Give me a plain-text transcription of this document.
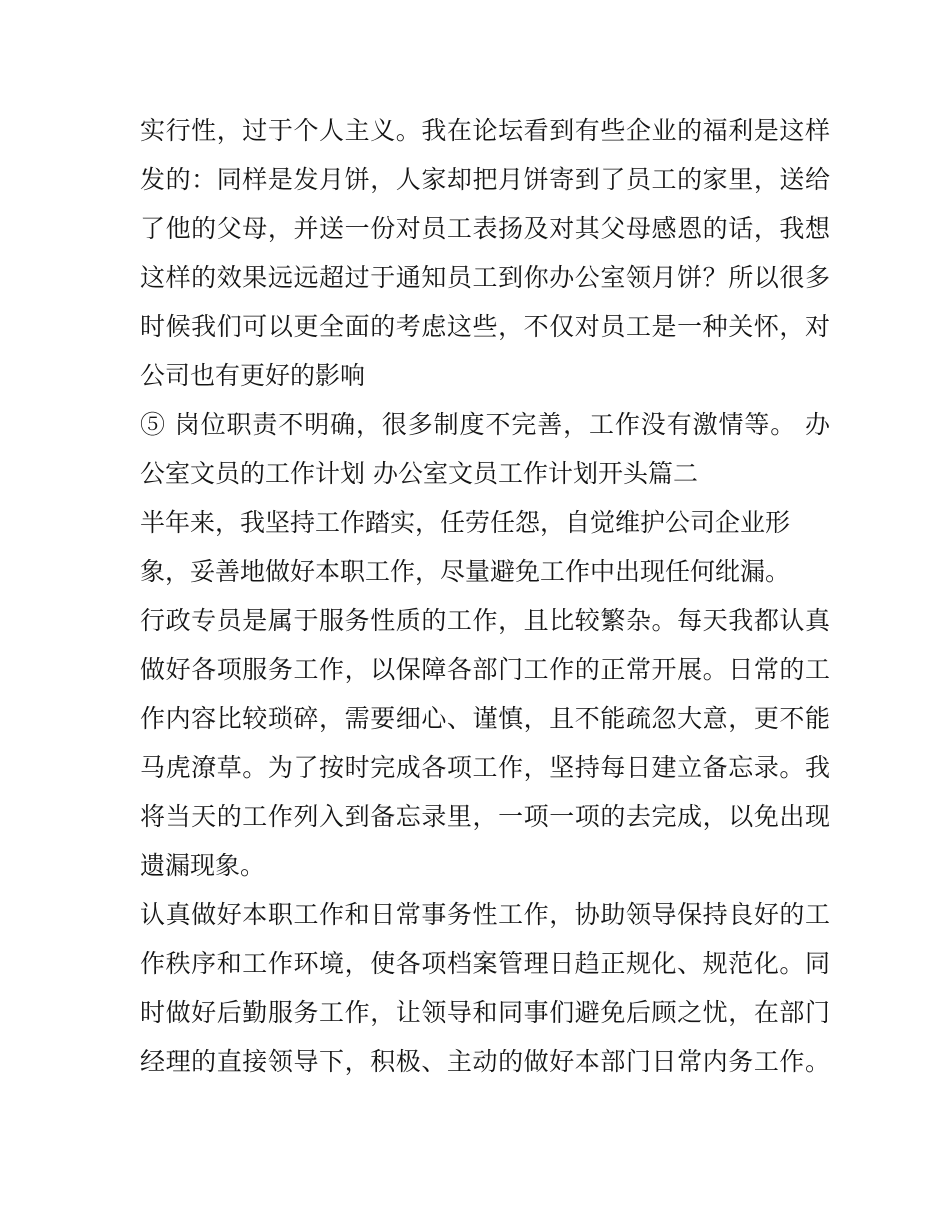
实行性，过于个人主义。我在论坛看到有些企业的福利是这样
发的：同样是发月饼，人家却把月饼寄到了员工的家里，送给
了他的父母，并送一份对员工表扬及对其父母感恩的话，我想
这样的效果远远超过于通知员工到你办公室领月饼？所以很多
时候我们可以更全面的考虑这些，不仅对员工是一种关怀，对
公司也有更好的影响
⑤ 岗位职责不明确，很多制度不完善，工作没有激情等。 办
公室文员的工作计划 办公室文员工作计划开头篇二
半年来，我坚持工作踏实，任劳任怨，自觉维护公司企业形
象，妥善地做好本职工作，尽量避免工作中出现任何纰漏。
行政专员是属于服务性质的工作，且比较繁杂。每天我都认真
做好各项服务工作，以保障各部门工作的正常开展。日常的工
作内容比较琐碎，需要细心、谨慎，且不能疏忽大意，更不能
马虎潦草。为了按时完成各项工作，坚持每日建立备忘录。我
将当天的工作列入到备忘录里，一项一项的去完成，以免出现
遗漏现象。
认真做好本职工作和日常事务性工作，协助领导保持良好的工
作秩序和工作环境，使各项档案管理日趋正规化、规范化。同
时做好后勤服务工作，让领导和同事们避免后顾之忧，在部门
经理的直接领导下，积极、主动的做好本部门日常内务工作。
